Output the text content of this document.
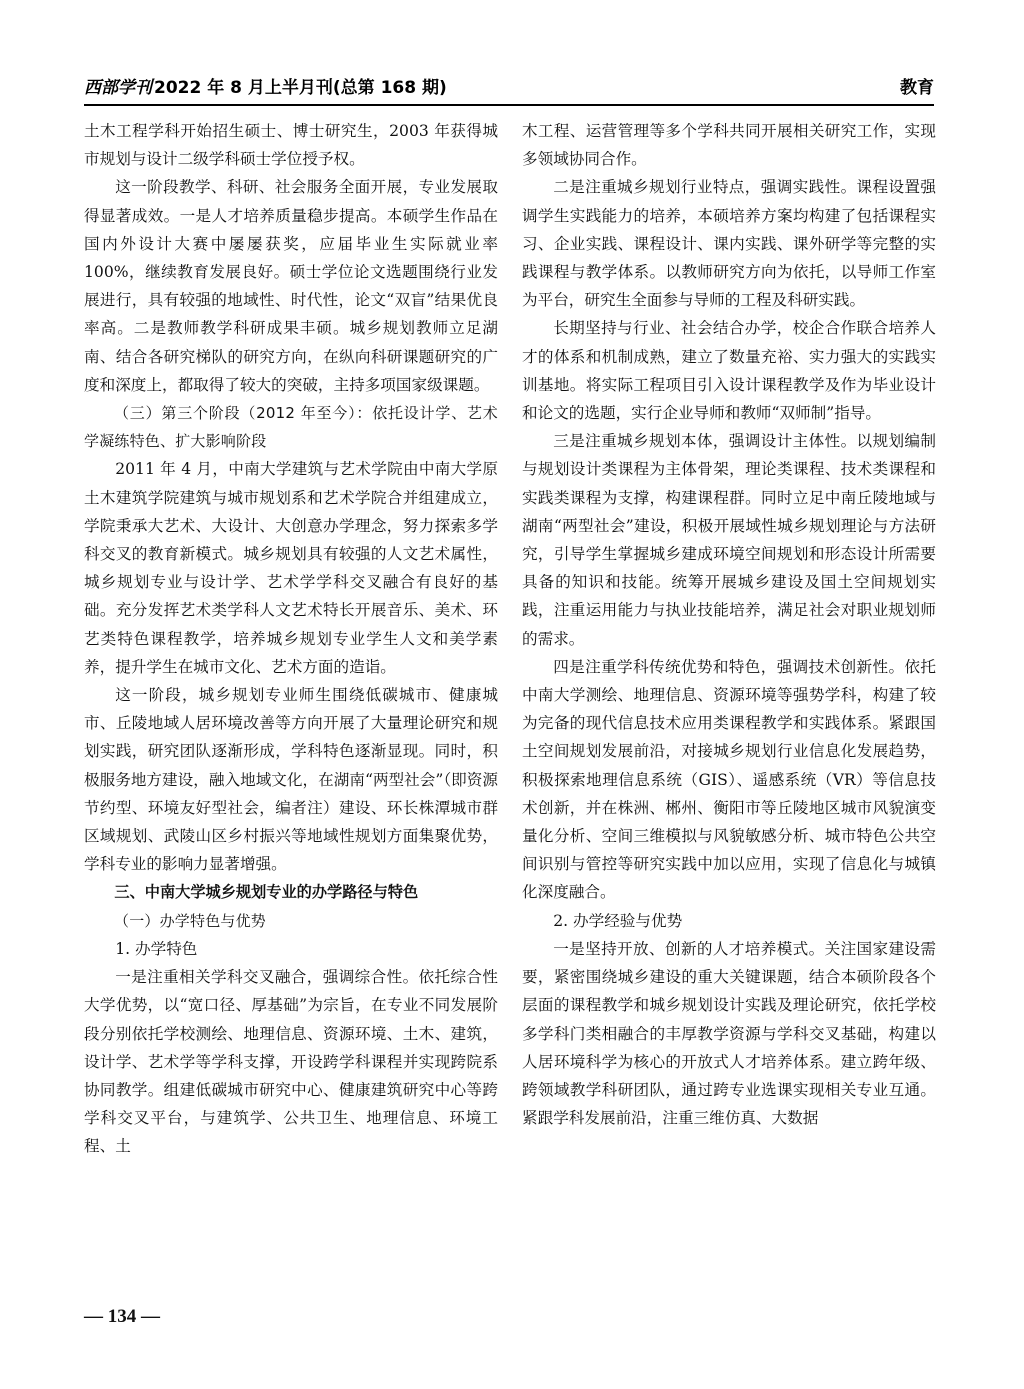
西部学刊 2022 年 8 月上半月刊(总第 168 期)	教育

土木工程学科开始招生硕士、博士研究生，2003 年获得城市规划与设计二级学科硕士学位授予权。

这一阶段教学、科研、社会服务全面开展，专业发展取得显著成效。一是人才培养质量稳步提高。本硕学生作品在国内外设计大赛中屡屡获奖，应届毕业生实际就业率 100%，继续教育发展良好。硕士学位论文选题围绕行业发展进行，具有较强的地域性、时代性，论文“双盲”结果优良率高。二是教师教学科研成果丰硕。城乡规划教师立足湖南、结合各研究梯队的研究方向，在纵向科研课题研究的广度和深度上，都取得了较大的突破，主持多项国家级课题。

（三）第三个阶段（2012 年至今）：依托设计学、艺术学凝练特色、扩大影响阶段

2011 年 4 月，中南大学建筑与艺术学院由中南大学原土木建筑学院建筑与城市规划系和艺术学院合并组建成立，学院秉承大艺术、大设计、大创意办学理念，努力探索多学科交叉的教育新模式。城乡规划具有较强的人文艺术属性，城乡规划专业与设计学、艺术学学科交叉融合有良好的基础。充分发挥艺术类学科人文艺术特长开展音乐、美术、环艺类特色课程教学，培养城乡规划专业学生人文和美学素养，提升学生在城市文化、艺术方面的造诣。

这一阶段，城乡规划专业师生围绕低碳城市、健康城市、丘陵地域人居环境改善等方向开展了大量理论研究和规划实践，研究团队逐渐形成，学科特色逐渐显现。同时，积极服务地方建设，融入地域文化，在湖南“两型社会”（即资源节约型、环境友好型社会，编者注）建设、环长株潭城市群区域规划、武陵山区乡村振兴等地域性规划方面集聚优势，学科专业的影响力显著增强。

三、中南大学城乡规划专业的办学路径与特色

（一）办学特色与优势

1. 办学特色

一是注重相关学科交叉融合，强调综合性。依托综合性大学优势，以“宽口径、厚基础”为宗旨，在专业不同发展阶段分别依托学校测绘、地理信息、资源环境、土木、建筑，设计学、艺术学等学科支撑，开设跨学科课程并实现跨院系协同教学。组建低碳城市研究中心、健康建筑研究中心等跨学科交叉平台，与建筑学、公共卫生、地理信息、环境工程、土

木工程、运营管理等多个学科共同开展相关研究工作，实现多领域协同合作。

二是注重城乡规划行业特点，强调实践性。课程设置强调学生实践能力的培养，本硕培养方案均构建了包括课程实习、企业实践、课程设计、课内实践、课外研学等完整的实践课程与教学体系。以教师研究方向为依托，以导师工作室为平台，研究生全面参与导师的工程及科研实践。

长期坚持与行业、社会结合办学，校企合作联合培养人才的体系和机制成熟，建立了数量充裕、实力强大的实践实训基地。将实际工程项目引入设计课程教学及作为毕业设计和论文的选题，实行企业导师和教师“双师制”指导。

三是注重城乡规划本体，强调设计主体性。以规划编制与规划设计类课程为主体骨架，理论类课程、技术类课程和实践类课程为支撑，构建课程群。同时立足中南丘陵地域与湖南“两型社会”建设，积极开展域性城乡规划理论与方法研究，引导学生掌握城乡建成环境空间规划和形态设计所需要具备的知识和技能。统筹开展城乡建设及国土空间规划实践，注重运用能力与执业技能培养，满足社会对职业规划师的需求。

四是注重学科传统优势和特色，强调技术创新性。依托中南大学测绘、地理信息、资源环境等强势学科，构建了较为完备的现代信息技术应用类课程教学和实践体系。紧跟国土空间规划发展前沿，对接城乡规划行业信息化发展趋势，积极探索地理信息系统（GIS）、遥感系统（VR）等信息技术创新，并在株洲、郴州、衡阳市等丘陵地区城市风貌演变量化分析、空间三维模拟与风貌敏感分析、城市特色公共空间识别与管控等研究实践中加以应用，实现了信息化与城镇化深度融合。

2. 办学经验与优势

一是坚持开放、创新的人才培养模式。关注国家建设需要，紧密围绕城乡建设的重大关键课题，结合本硕阶段各个层面的课程教学和城乡规划设计实践及理论研究，依托学校多学科门类相融合的丰厚教学资源与学科交叉基础，构建以人居环境科学为核心的开放式人才培养体系。建立跨年级、跨领域教学科研团队，通过跨专业选课实现相关专业互通。紧跟学科发展前沿，注重三维仿真、大数据

— 134 —
